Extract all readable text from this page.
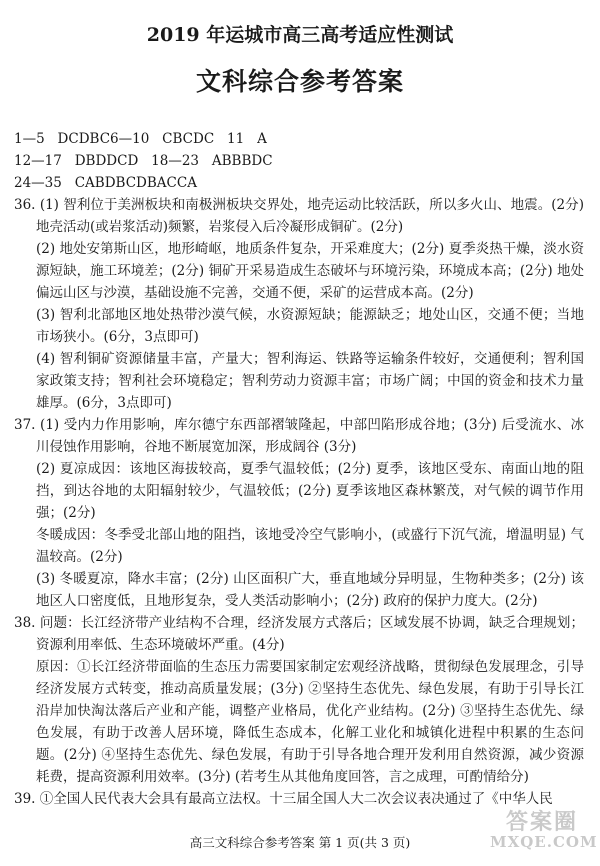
2019 年运城市高三高考适应性测试
文科综合参考答案

1—5   DCDBC6—10   CBCDC   11   A

12—17   DBDDCD   18—23   ABBBDC

24—35   CABDBCDBACCA

36. (1) 智利位于美洲板块和南极洲板块交界处，地壳运动比较活跃，所以多火山、地震。(2分) 地壳活动(或岩浆活动)频繁，岩浆侵入后冷凝形成铜矿。(2分)

(2) 地处安第斯山区，地形崎岖，地质条件复杂，开采难度大；(2分) 夏季炎热干燥，淡水资源短缺，施工环境差；(2分) 铜矿开采易造成生态破坏与环境污染，环境成本高；(2分) 地处偏远山区与沙漠，基础设施不完善，交通不便，采矿的运营成本高。(2分)

(3) 智利北部地区地处热带沙漠气候，水资源短缺；能源缺乏；地处山区，交通不便；当地市场狭小。(6分，3点即可)

(4) 智利铜矿资源储量丰富，产量大；智利海运、铁路等运输条件较好，交通便利；智利国家政策支持；智利社会环境稳定；智利劳动力资源丰富；市场广阔；中国的资金和技术力量雄厚。(6分，3点即可)

37. (1) 受内力作用影响，库尔德宁东西部褶皱隆起，中部凹陷形成谷地；(3分) 后受流水、冰川侵蚀作用影响，谷地不断展宽加深，形成阔谷 (3分)

(2) 夏凉成因：该地区海拔较高，夏季气温较低；(2分) 夏季，该地区受东、南面山地的阻挡，到达谷地的太阳辐射较少，气温较低；(2分) 夏季该地区森林繁茂，对气候的调节作用强；(2分)

冬暖成因：冬季受北部山地的阻挡，该地受冷空气影响小，(或盛行下沉气流，增温明显) 气温较高。(2分)

(3) 冬暖夏凉，降水丰富；(2分) 山区面积广大，垂直地域分异明显，生物种类多；(2分) 该地区人口密度低，且地形复杂，受人类活动影响小；(2分) 政府的保护力度大。(2分)

38. 问题：长江经济带产业结构不合理，经济发展方式落后；区域发展不协调，缺乏合理规划；资源利用率低、生态环境破坏严重。(4分)

原因：①长江经济带面临的生态压力需要国家制定宏观经济战略，贯彻绿色发展理念，引导经济发展方式转变，推动高质量发展；(3分) ②坚持生态优先、绿色发展，有助于引导长江沿岸加快淘汰落后产业和产能，调整产业格局，优化产业结构。(2分) ③坚持生态优先、绿色发展，有助于改善人居环境，降低生态成本，化解工业化和城镇化进程中积累的生态问题。(2分) ④坚持生态优先、绿色发展，有助于引导各地合理开发利用自然资源，减少资源耗费，提高资源利用效率。(3分) (若考生从其他角度回答，言之成理，可酌情给分)

39. ①全国人民代表大会具有最高立法权。十三届全国人大二次会议表决通过了《中华人民

高三文科综合参考答案 第 1 页(共 3 页)
答案圈
MXQE.COM
